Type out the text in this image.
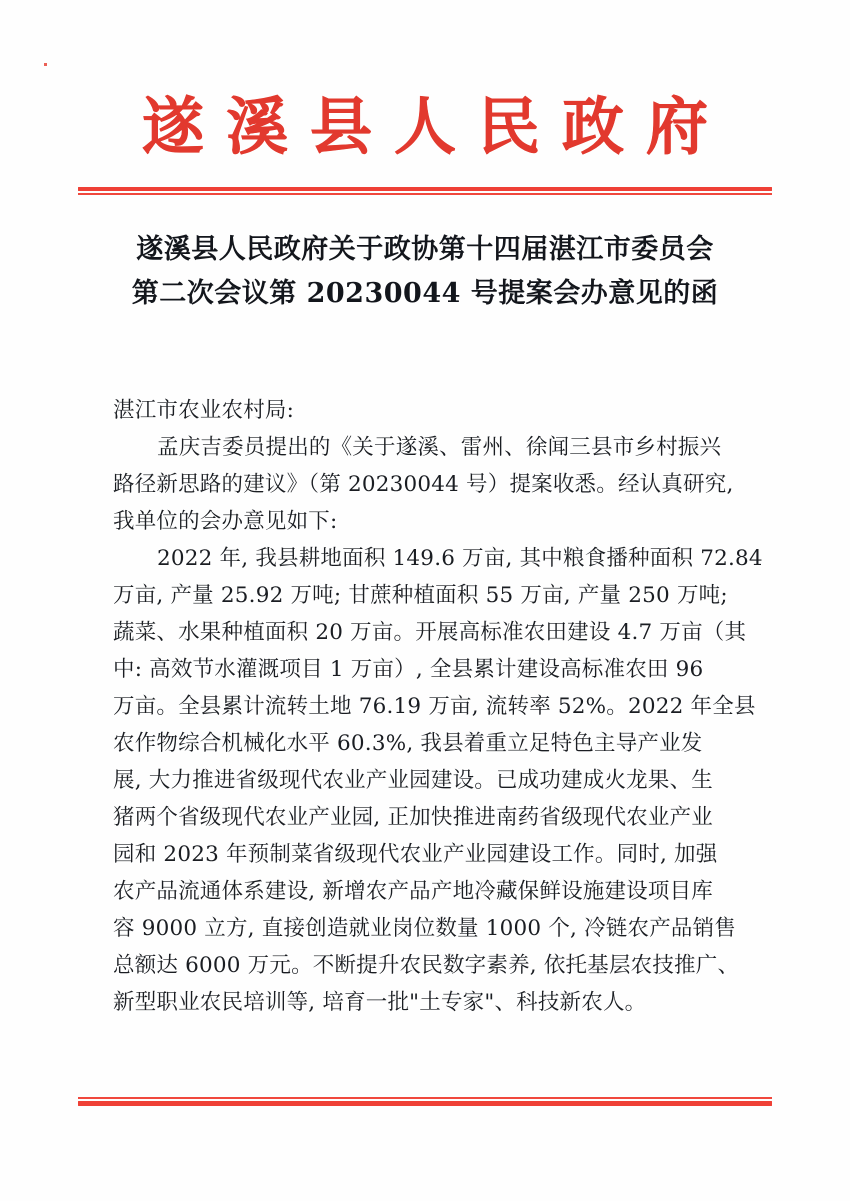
遂溪县人民政府
遂溪县人民政府关于政协第十四届湛江市委员会
第二次会议第 20230044 号提案会办意见的函
湛江市农业农村局:
孟庆吉委员提出的《关于遂溪、雷州、徐闻三县市乡村振兴
路径新思路的建议》（第 20230044 号）提案收悉。经认真研究,
我单位的会办意见如下:
2022 年, 我县耕地面积 149.6 万亩, 其中粮食播种面积 72.84
万亩, 产量 25.92 万吨; 甘蔗种植面积 55 万亩, 产量 250 万吨;
蔬菜、水果种植面积 20 万亩。开展高标准农田建设 4.7 万亩（其
中: 高效节水灌溉项目 1 万亩）, 全县累计建设高标准农田 96
万亩。全县累计流转土地 76.19 万亩, 流转率 52%。2022 年全县
农作物综合机械化水平 60.3%, 我县着重立足特色主导产业发
展, 大力推进省级现代农业产业园建设。已成功建成火龙果、生
猪两个省级现代农业产业园, 正加快推进南药省级现代农业产业
园和 2023 年预制菜省级现代农业产业园建设工作。同时, 加强
农产品流通体系建设, 新增农产品产地冷藏保鲜设施建设项目库
容 9000 立方, 直接创造就业岗位数量 1000 个, 冷链农产品销售
总额达 6000 万元。不断提升农民数字素养, 依托基层农技推广、
新型职业农民培训等, 培育一批"土专家"、科技新农人。
